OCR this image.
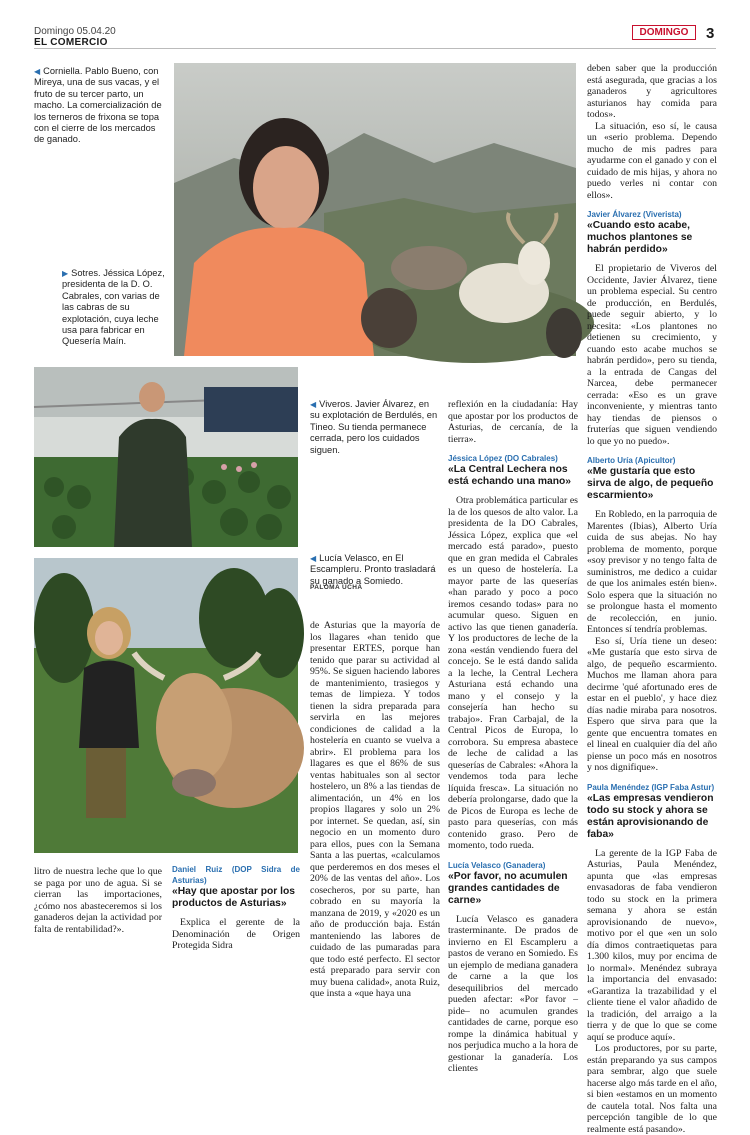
Domingo 05.04.20
EL COMERCIO
DOMINGO	3
◀ Corniella. Pablo Bueno, con Mireya, una de sus vacas, y el fruto de su tercer parto, un macho. La comercialización de los terneros de frixona se topa con el cierre de los mercados de ganado.
▶ Sotres. Jéssica López, presidenta de la D. O. Cabrales, con varias de las cabras de su explotación, cuya leche usa para fabricar en Quesería Maín.
◀ Viveros. Javier Álvarez, en su explotación de Berdulés, en Tineo. Su tienda permanece cerrada, pero los cuidados siguen.
◀ Lucía Velasco, en El Escampleru. Pronto trasladará su ganado a Somiedo.
PALOMA UCHA

litro de nuestra leche que lo que se paga por uno de agua. Si se cierran las importaciones, ¿cómo nos abasteceremos si los ganaderos dejan la actividad por falta de rentabilidad?».

Daniel Ruiz (DOP Sidra de Asturias)
«Hay que apostar por los productos de Asturias»

Explica el gerente de la Denominación de Origen Protegida Sidra

de Asturias que la mayoría de los llagares «han tenido que presentar ERTES, porque han tenido que parar su actividad al 95%. Se siguen haciendo labores de mantenimiento, trasiegos y temas de limpieza. Y todos tienen la sidra preparada para servirla en las mejores condiciones de calidad a la hostelería en cuanto se vuelva a abrir». El problema para los llagares es que el 86% de sus ventas habituales son al sector hostelero, un 8% a las tiendas de alimentación, un 4% en los propios llagares y solo un 2% por internet. Se quedan, así, sin negocio en un momento duro para ellos, pues con la Semana Santa a las puertas, «calculamos que perderemos en dos meses el 20% de las ventas del año». Los cosecheros, por su parte, han cobrado en su mayoría la manzana de 2019, y «2020 es un año de producción baja. Están manteniendo las labores de cuidado de las pumaradas para que todo esté perfecto. El sector está preparado para servir con muy buena calidad», anota Ruiz, que insta a «que haya una

reflexión en la ciudadanía: Hay que apostar por los productos de Asturias, de cercanía, de la tierra».

Jéssica López (DO Cabrales)
«La Central Lechera nos está echando una mano»

Otra problemática particular es la de los quesos de alto valor. La presidenta de la DO Cabrales, Jéssica López, explica que «el mercado está parado», puesto que en gran medida el Cabrales es un queso de hostelería. La mayor parte de las queserías «han parado y poco a poco iremos cesando todas» para no acumular queso. Siguen en activo las que tienen ganadería. Y los productores de leche de la zona «están vendiendo fuera del concejo. Se le está dando salida a la leche, la Central Lechera Asturiana está echando una mano y el consejo y la consejería han hecho su trabajo». Fran Carbajal, de la Central Picos de Europa, lo corrobora. Su empresa abastece de leche de calidad a las queserías de Cabrales: «Ahora la vendemos toda para leche líquida fresca». La situación no debería prolongarse, dado que la de Picos de Europa es leche de pasto para queserías, con más contenido graso. Pero de momento, todo rueda.

Lucía Velasco (Ganadera)
«Por favor, no acumulen grandes cantidades de carne»

Lucía Velasco es ganadera trasterminante. De prados de invierno en El Escampleru a pastos de verano en Somiedo. Es un ejemplo de mediana ganadera de carne a la que los desequilibrios del mercado pueden afectar: «Por favor –pide– no acumulen grandes cantidades de carne, porque eso rompe la dinámica habitual y nos perjudica mucho a la hora de gestionar la ganadería. Los clientes

deben saber que la producción está asegurada, que gracias a los ganaderos y agricultores asturianos hay comida para todos».

La situación, eso sí, le causa un «serio problema. Dependo mucho de mis padres para ayudarme con el ganado y con el cuidado de mis hijas, y ahora no puedo verles ni contar con ellos».

Javier Álvarez (Viverista)
«Cuando esto acabe, muchos plantones se habrán perdido»

El propietario de Viveros del Occidente, Javier Álvarez, tiene un problema especial. Su centro de producción, en Berdulés, puede seguir abierto, y lo necesita: «Los plantones no detienen su crecimiento, y cuando esto acabe muchos se habrán perdido», pero su tienda, a la entrada de Cangas del Narcea, debe permanecer cerrada: «Eso es un grave inconveniente, y mientras tanto hay tiendas de piensos o fruterías que siguen vendiendo lo que yo no puedo».

Alberto Uría (Apicultor)
«Me gustaría que esto sirva de algo, de pequeño escarmiento»

En Robledo, en la parroquia de Marentes (Ibias), Alberto Uría cuida de sus abejas. No hay problema de momento, porque «soy previsor y no tengo falta de suministros, me dedico a cuidar de que los animales estén bien». Solo espera que la situación no se prolongue hasta el momento de recolección, en junio. Entonces sí tendría problemas.

Eso sí, Uría tiene un deseo: «Me gustaría que esto sirva de algo, de pequeño escarmiento. Muchos me llaman ahora para decirme 'qué afortunado eres de estar en el pueblo', y hace diez días nadie miraba para nosotros. Espero que sirva para que la gente que encuentra tomates en el lineal en cualquier día del año piense un poco más en nosotros y nos dignifique».

Paula Menéndez (IGP Faba Astur)
«Las empresas vendieron todo su stock y ahora se están aprovisionando de faba»

La gerente de la IGP Faba de Asturias, Paula Menéndez, apunta que «las empresas envasadoras de faba vendieron todo su stock en la primera semana y ahora se están aprovisionando de nuevo», motivo por el que «en un solo día dimos contraetiquetas para 1.300 kilos, muy por encima de lo normal». Menéndez subraya la importancia del envasado: «Garantiza la trazabilidad y el cliente tiene el valor añadido de la tradición, del arraigo a la tierra y de que lo que se come aquí se produce aquí».

Los productores, por su parte, están preparando ya sus campos para sembrar, algo que suele hacerse algo más tarde en el año, si bien «estamos en un momento de cautela total. Nos falta una percepción tangible de lo que realmente está pasando».
